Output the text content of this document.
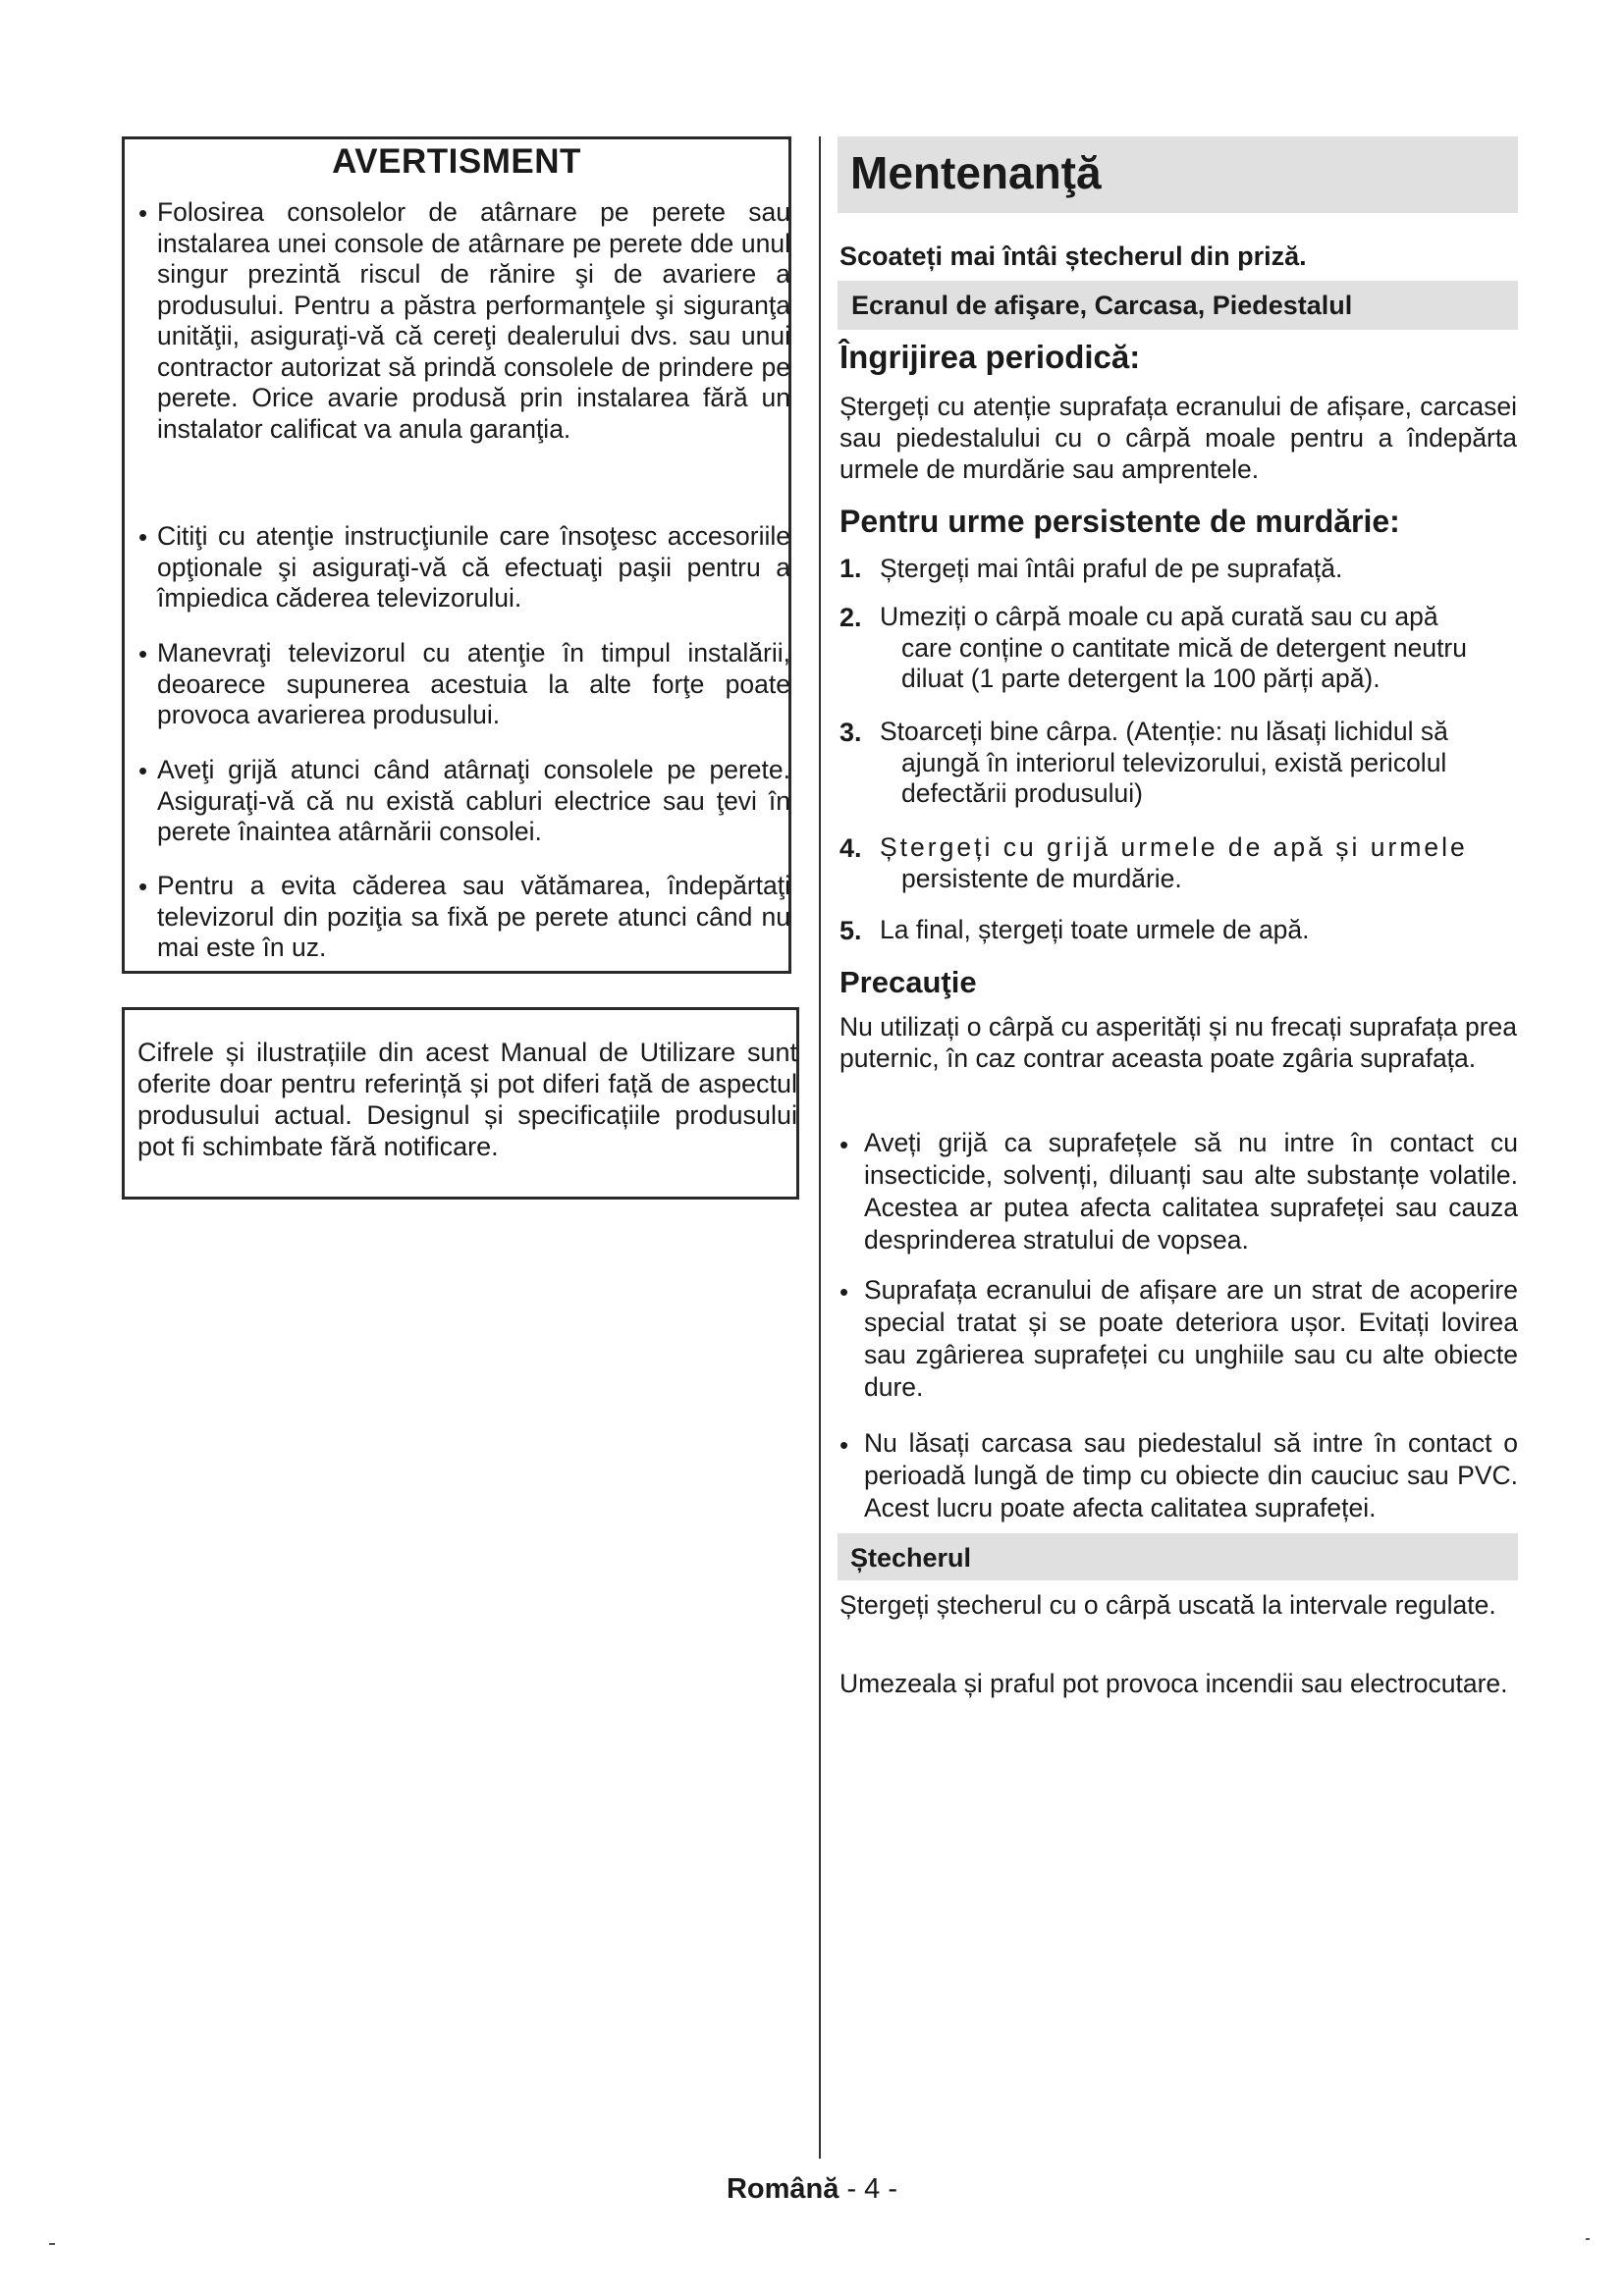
AVERTISMENT
• Folosirea consolelor de atârnare pe perete sau instalarea unei console de atârnare pe perete dde unul singur prezintă riscul de rănire şi de avariere a produsului. Pentru a păstra performanţele şi siguranţa unităţii, asiguraţi-vă că cereţi dealerului dvs. sau unui contractor autorizat să prindă consolele de prindere pe perete. Orice avarie produsă prin instalarea fără un instalator calificat va anula garanţia.
• Citiţi cu atenţie instrucţiunile care însoţesc accesoriile opţionale şi asiguraţi-vă că efectuaţi paşii pentru a împiedica căderea televizorului.
• Manevraţi televizorul cu atenţie în timpul instalării, deoarece supunerea acestuia la alte forţe poate provoca avarierea produsului.
• Aveţi grijă atunci când atârnaţi consolele pe perete. Asiguraţi-vă că nu există cabluri electrice sau ţevi în perete înaintea atârnării consolei.
• Pentru a evita căderea sau vătămarea, îndepărtaţi televizorul din poziţia sa fixă pe perete atunci când nu mai este în uz.
Cifrele și ilustrațiile din acest Manual de Utilizare sunt oferite doar pentru referință și pot diferi față de aspectul produsului actual. Designul și specificațiile produsului pot fi schimbate fără notificare.
Mentenanţă
Scoateți mai întâi ștecherul din priză.
Ecranul de afişare, Carcasa, Piedestalul
Îngrijirea periodică:
Ștergeți cu atenție suprafața ecranului de afișare, carcasei sau piedestalului cu o cârpă moale pentru a îndepărta urmele de murdărie sau amprentele.
Pentru urme persistente de murdărie:
1. Ștergeți mai întâi praful de pe suprafață.
2. Umeziți o cârpă moale cu apă curată sau cu apă
care conține o cantitate mică de detergent neutru diluat (1 parte detergent la 100 părți apă).
3. Stoarceți bine cârpa. (Atenție: nu lăsați lichidul să
ajungă în interiorul televizorului, există pericolul defectării produsului)
4. Ștergeți cu grijă urmele de apă și urmele
persistente de murdărie.
5. La final, ștergeți toate urmele de apă.
Precauţie
Nu utilizați o cârpă cu asperități și nu frecați suprafața prea puternic, în caz contrar aceasta poate zgâria suprafața.
• Aveți grijă ca suprafețele să nu intre în contact cu insecticide, solvenți, diluanți sau alte substanțe volatile. Acestea ar putea afecta calitatea suprafeței sau cauza desprinderea stratului de vopsea.
• Suprafața ecranului de afișare are un strat de acoperire special tratat și se poate deteriora ușor. Evitați lovirea sau zgârierea suprafeței cu unghiile sau cu alte obiecte dure.
• Nu lăsați carcasa sau piedestalul să intre în contact o perioadă lungă de timp cu obiecte din cauciuc sau PVC. Acest lucru poate afecta calitatea suprafeței.
Ștecherul
Ștergeți ștecherul cu o cârpă uscată la intervale regulate.
Umezeala și praful pot provoca incendii sau electrocutare.
Română - 4 -
